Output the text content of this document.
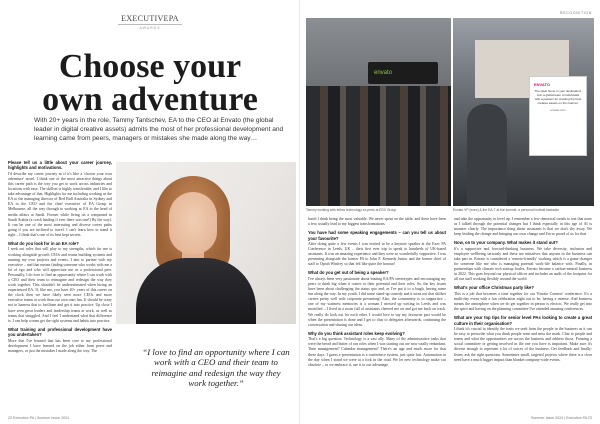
EXECUTIVEPA
AWARDS
Choose your own adventure

With 20+ years in the role, Tammy Tantschev, EA to the CEO at Envato (the global leader in digital creative assets) admits the most of her professional development and learning came from peers, managers or mistakes she made along the way…

Please tell us a little about your career journey, highlights and motivations.
I'd describe my career journey as if it's like a 'choose your own adventure' novel. I think one of the most attractive things about this career path is the way you get to work across industries and locations with ease. The skillset is highly transferable, and I like to take advantage of that. Highlights for me including working as the EA to the managing director of Red Bull Australia in Sydney and EA to the CEO and the chief executive of EA Group in Melbourne, all the way through to working as EA to the head of media affairs at Sandi. Former while living on a compound in Saudi Arabia (a crash landing if ever there was one!) By the way). It can be one of the most interesting and diverse career paths going if you are inclined to travel. I can't learn how to stand it right – I think that's one of its best kept secrets.
What do you look for in an EA role?
I seek out roles that will play to my strengths, which for me is working alongside growth CEOs and teams building systems and running my own projects and events. I aim to partner with my executive – and that means finding someone who works with me a lot of ego and who will appreciate me as a professional peer. Personally, I do love to find an opportunity where I can work with a CEO and their team to reimagine and redesign the way they work together. This shouldn't be underestimated when hiring an experienced EA. If, like me, you have 20+ years of this career on the clock then we have likely seen more CEOs and more executive teams at work than our own ones has. It should be crazy not to harness that to facilitate and get it into practice. Up close I have seen great leaders and leadership teams at work, as well as teams that struggled. And I feel I understand what that difference is. I can help a team get the right systems and habits into practice.
What training and professional development have you undertaken?
More that I've learned that has been core to my professional development I have learned on the job either from peers and managers, or just the mistakes I made along the way. The	“I love to find an opportunity where I can work with a CEO and their team to reimagine and redesign the way they work together.”
22 Executive PA | Summer Issue 2024
RECOGNITION
envato
ENVATO
The ideal home in your destination! Join a global team of individuals with a passion for creating the best creative assets on the internet.
envato.com
Tammy working with fellow technology ex-perts at EDX Group	Envato VP (exec) & the EA-T at the summit, a personal football backside
hatch I think being the most valuable. We never spent on the table, and there have been a few, usually lead to my biggest transformations.
You have had some speaking engagements – can you tell us about your favourite?
After doing quite a few events I was invited to be a keynote speaker at the Exec PA Conference in Leeds, UK – their first ever trip to speak to hundreds of UK-based assistants. It was an amazing experience and they were so wonderfully supportive. I was presenting alongside the former PA to John F. Kennedy Junior and the former chief of staff to Oprah Winfrey so that felt like quite the honour!
What do you get out of being a speaker?
I've always been very passionate about busting EA/PA stereotypes and encouraging my peers to think big when it comes to their potential and their roles. So, the key issues have been about challenging the status quo and, as I've put it to a laugh, having some fun along the way. In my youth, I did some stand-up comedy and it turns out that skillset carries pretty well with corporate presenting! Also, the community is so supportive – one of my warmest memories is a woman I messed up writing in Leeds and was mortified – I lived in a room full of assistants cheered me on and got me back on track. We really do look out for each other. I would love to say my favourite part would be when the presentation is done and I get to chat to delegates afterwards, continuing the conversation and sharing our ideas.
Why do you think assistant roles keep evolving?
That's a big question. Technology is a vast ally. Many of the administrative tasks that were the bread and butter of our roles when I was starting out are now totally redundant. Time management? Calendar management? There's an app and much more for that these days. I guess a presentation is a conference system, just quite lost. Automation in the day when I stand we were at a fork in the road. We let new technology make our obsolete – or we embrace it, use it to our advantage
and take the opportunity to level up. I remember a few rhetorical trends to test that none as I talked through the potential changes but I think especially in this age of AI is monster clearly. The importance thing about assistants is that we don't shy away. We keep leading the change and bringing our own change and I'm so proud of us for that.
Now, on to your company. What makes it stand out?
It's a supportive and forward-thinking business. We take diversity, inclusion and employee wellbeing seriously and these are initiatives that anyone in the business can take part in. Envato is considered a 'remote-friendly' working which is a game changer for someone like me who is managing parental work-life balance with. Finally, in partnerships with climate tech startup Joules, Envato became a carbon-neutral business in 2022. This goes beyond our physical offices and includes an audit of the footprint for all our staff working flexibly around the world.
What's your office Christmas party like?
This is a job that becomes a time together for our 'Envato Connect' conference. It's a multi-day event with a fun celebration night out to be, having a intense. And business means the atmosphere when we do get together in person is electric. We really get into the spirit and having on the planning committee I've attended amazing conferences.
What are your top tips for senior level PAs looking to create a great culture in their organisation?
I think it's crucial to identify the traits we seek from the people in the business as it can be easy to prescribe what you think people want and miss the mark. Chat to people and teams and what the opportunities are across the business and address those. Forming a social committee or getting involved in the one you have is important. Make sure it's diverse enough to represent a lot of voices of the business. Get feedback and finally: listen, ask the right questions. Sometimes small, targeted projects where there is a clear need have a much bigger impact than blanket company-wide events.
Summer Issue 2024 | Executive PA 23
